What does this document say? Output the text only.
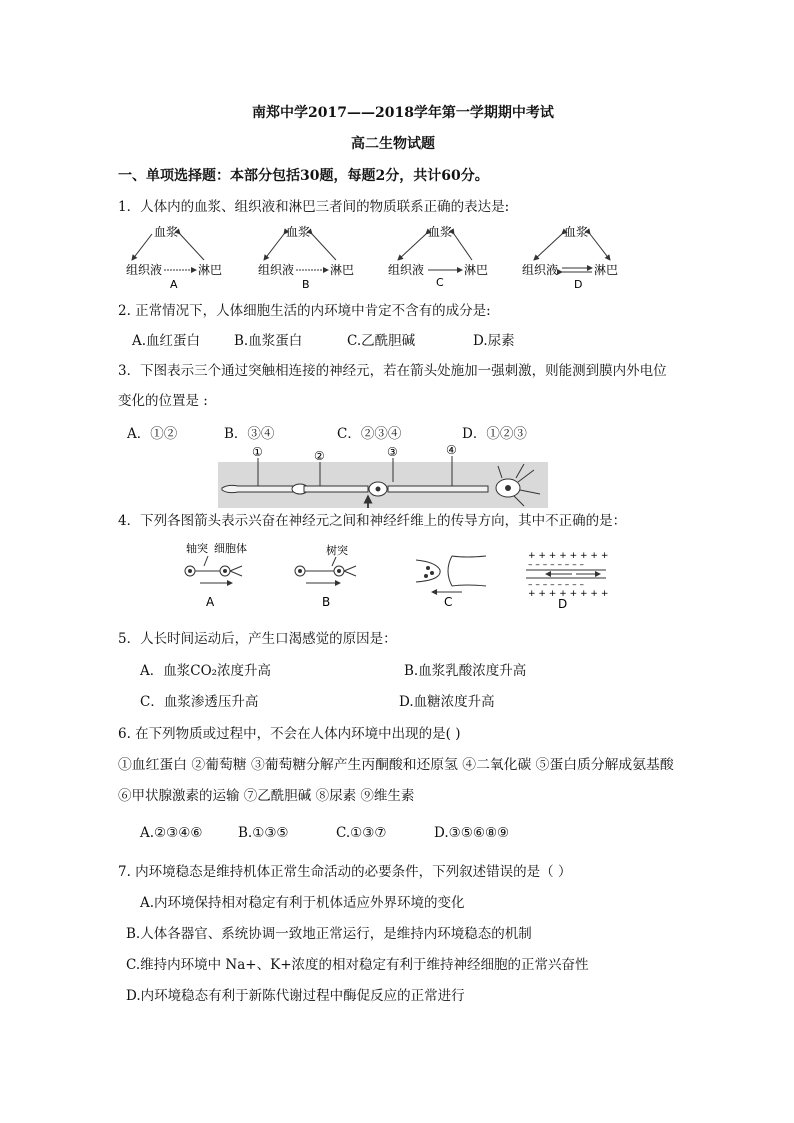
南郑中学2017——2018学年第一学期期中考试
高二生物试题
一、单项选择题：本部分包括30题，每题2分，共计60分。
1．人体内的血浆、组织液和淋巴三者间的物质联系正确的表达是:
血浆
组织液	淋巴
A
血浆
组织液	淋巴
B
血浆
组织液	淋巴
C
血浆
组织液	淋巴
D
2. 正常情况下，人体细胞生活的内环境中肯定不含有的成分是:
A.血红蛋白	B.血浆蛋白	C.乙酰胆碱	D.尿素
3．下图表示三个通过突触相连接的神经元，若在箭头处施加一强刺激，则能测到膜内外电位
变化的位置是 :
A．①②	B．③④	C．②③④	D．①②③
①	②	③	④
4．下列各图箭头表示兴奋在神经元之间和神经纤维上的传导方向，其中不正确的是：
轴突 细胞体
A
树突
B	C
+ + + + + + + +
– – – – – – – –
– – – – – – – –
+ + + + + + + +
D
5．人长时间运动后，产生口渴感觉的原因是：
A．血浆CO₂浓度升高	B.血浆乳酸浓度升高
C．血浆渗透压升高	D.血糖浓度升高
6. 在下列物质或过程中，不会在人体内环境中出现的是( )
①血红蛋白 ②葡萄糖 ③葡萄糖分解产生丙酮酸和还原氢 ④二氧化碳 ⑤蛋白质分解成氨基酸
⑥甲状腺激素的运输 ⑦乙酰胆碱 ⑧尿素 ⑨维生素
A.②③④⑥	B.①③⑤	C.①③⑦	D.③⑤⑥⑧⑨
7. 内环境稳态是维持机体正常生命活动的必要条件，下列叙述错误的是（ ）
A.内环境保持相对稳定有利于机体适应外界环境的变化
B.人体各器官、系统协调一致地正常运行，是维持内环境稳态的机制
C.维持内环境中 Na+、K+浓度的相对稳定有利于维持神经细胞的正常兴奋性
D.内环境稳态有利于新陈代谢过程中酶促反应的正常进行
